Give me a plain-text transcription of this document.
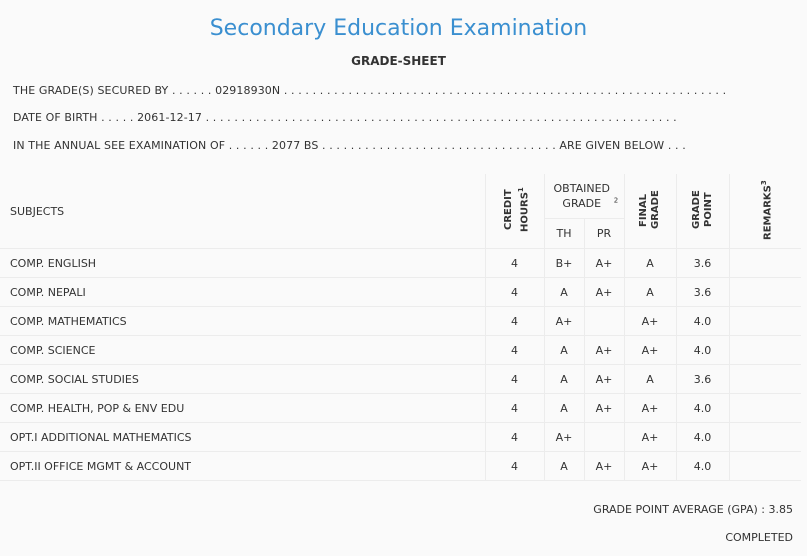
Secondary Education Examination
GRADE-SHEET
THE GRADE(S) SECURED BY . . . . . . 02918930N . . . . . . . . . . . . . . . . . . . . . . . . . . . . . . . . . . . . . . . . . . . . . . . . . . . . . . . . . . . . . .
DATE OF BIRTH . . . . . 2061-12-17 . . . . . . . . . . . . . . . . . . . . . . . . . . . . . . . . . . . . . . . . . . . . . . . . . . . . . . . . . . . . . . . . . .
IN THE ANNUAL SEE EXAMINATION OF . . . . . . 2077 BS . . . . . . . . . . . . . . . . . . . . . . . . . . . . . . . . . ARE GIVEN BELOW . . .
SUBJECTS	CREDIT HOURS$^1$	OBTAINED GRADE $^2$		FINAL GRADE	GRADE POINT	REMARKS$^3$
		TH	PR			
COMP. ENGLISH	4	B+	A+	A	3.6	
COMP. NEPALI	4	A	A+	A	3.6	
COMP. MATHEMATICS	4	A+		A+	4.0	
COMP. SCIENCE	4	A	A+	A+	4.0	
COMP. SOCIAL STUDIES	4	A	A+	A	3.6	
COMP. HEALTH, POP & ENV EDU	4	A	A+	A+	4.0	
OPT.I ADDITIONAL MATHEMATICS	4	A+		A+	4.0	
OPT.II OFFICE MGMT & ACCOUNT	4	A	A+	A+	4.0	
GRADE POINT AVERAGE (GPA) : 3.85
COMPLETED
